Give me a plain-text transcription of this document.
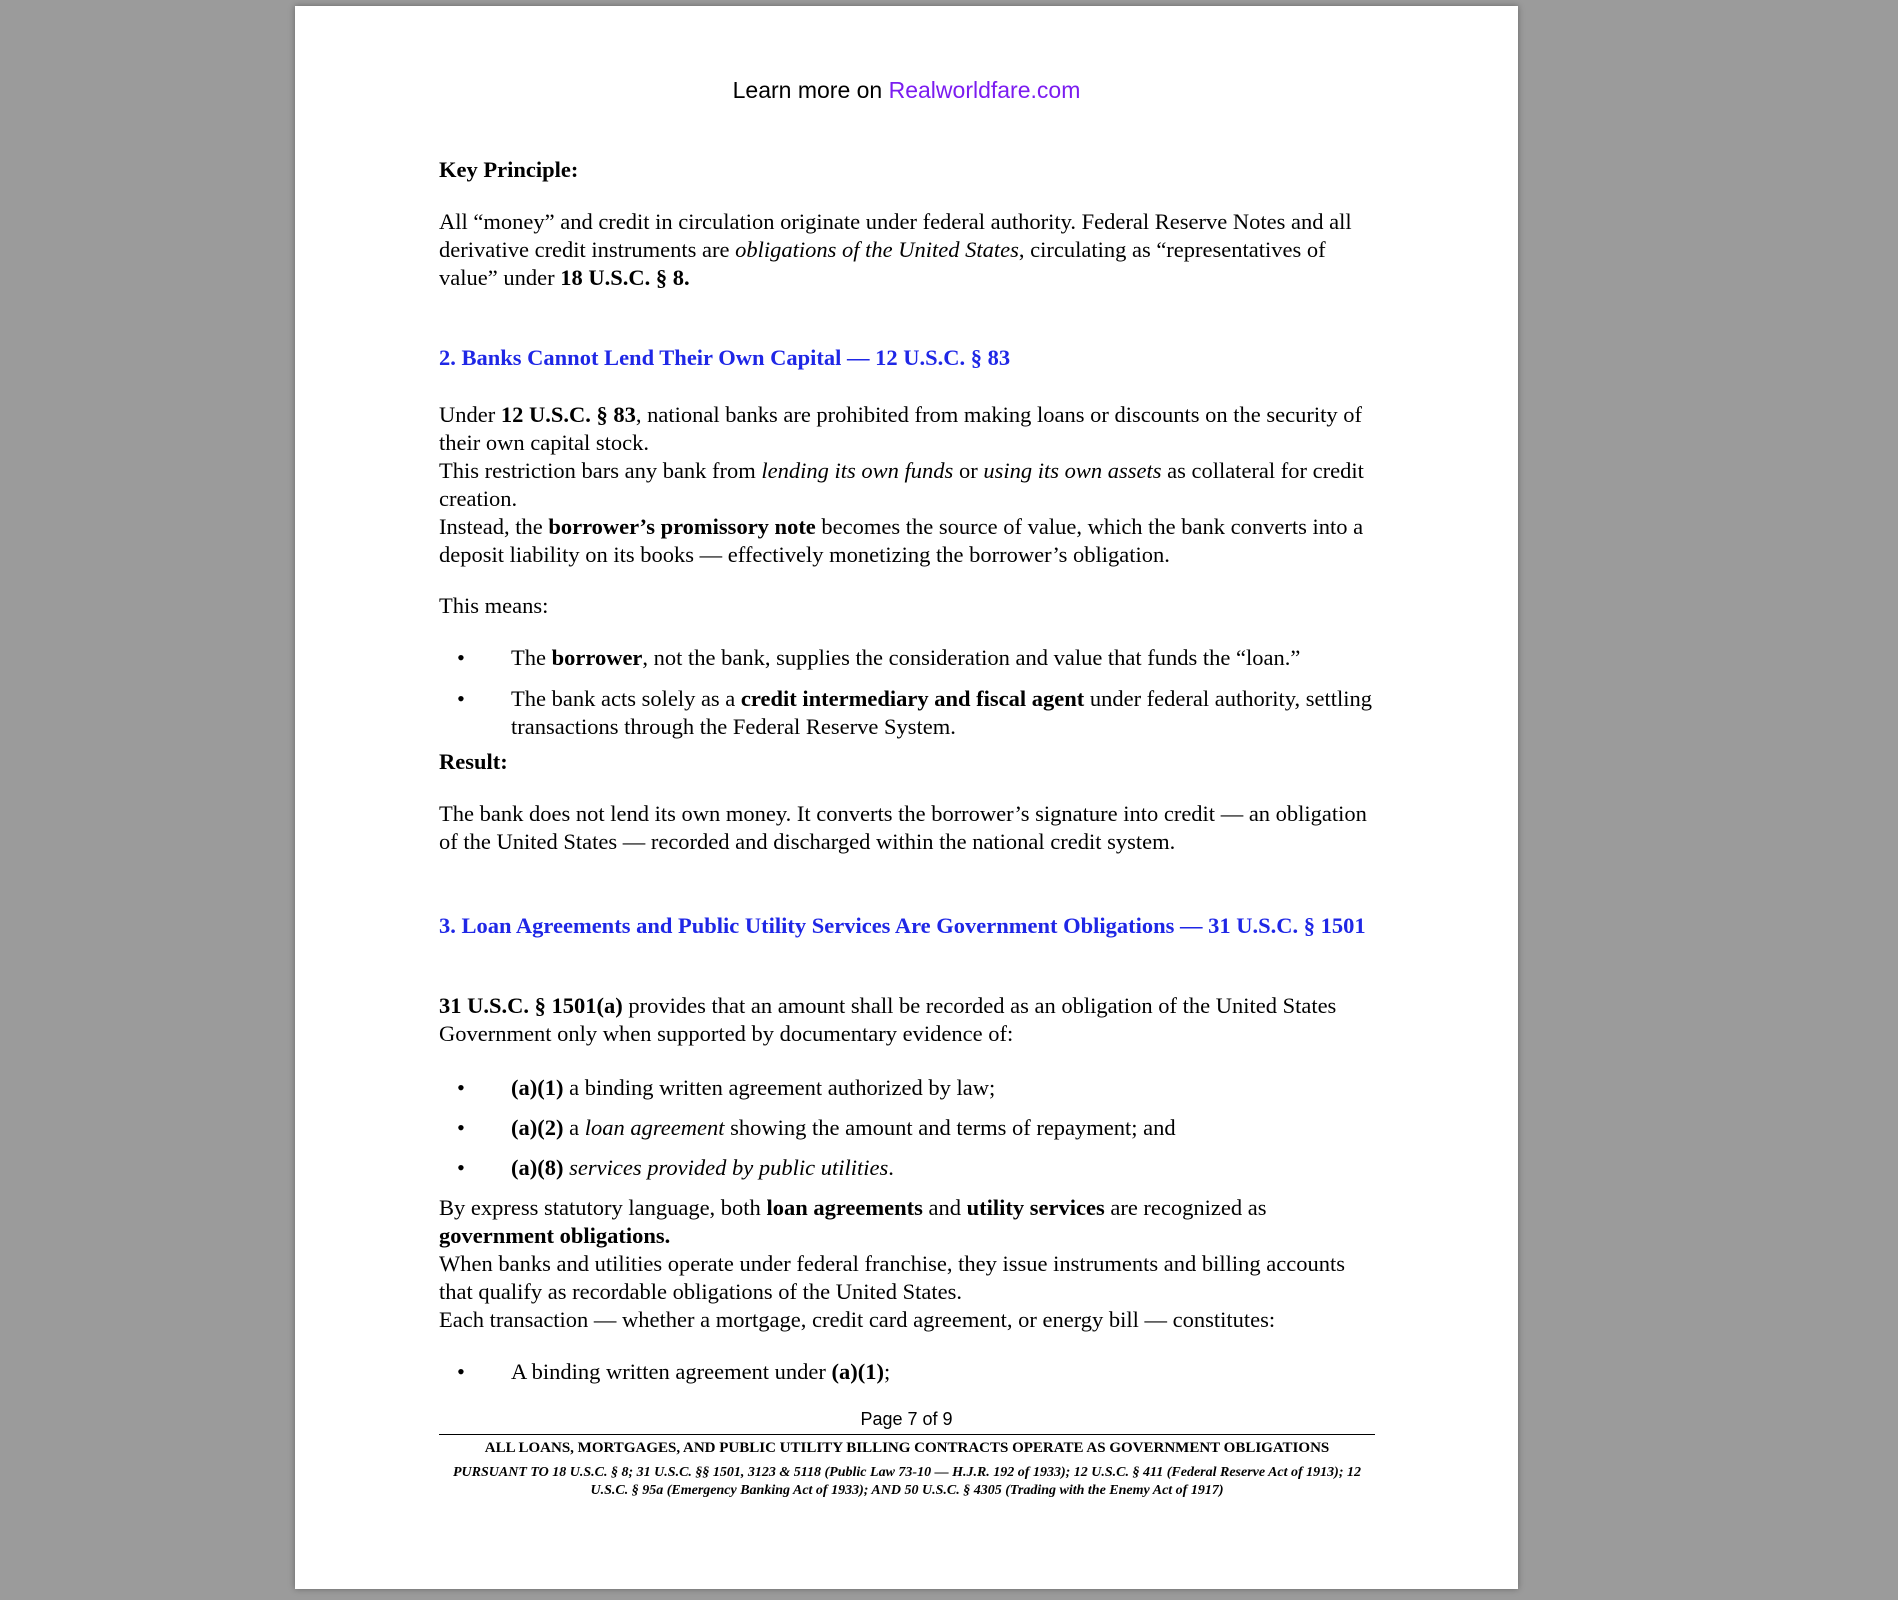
Learn more on Realworldfare.com

Key Principle:

All “money” and credit in circulation originate under federal authority. Federal Reserve Notes and all derivative credit instruments are obligations of the United States, circulating as “representatives of value” under 18 U.S.C. § 8.

2. Banks Cannot Lend Their Own Capital — 12 U.S.C. § 83

Under 12 U.S.C. § 83, national banks are prohibited from making loans or discounts on the security of their own capital stock.
This restriction bars any bank from lending its own funds or using its own assets as collateral for credit creation.
Instead, the borrower’s promissory note becomes the source of value, which the bank converts into a deposit liability on its books — effectively monetizing the borrower’s obligation.

This means:

• The borrower, not the bank, supplies the consideration and value that funds the “loan.”
• The bank acts solely as a credit intermediary and fiscal agent under federal authority, settling transactions through the Federal Reserve System.

Result:

The bank does not lend its own money. It converts the borrower’s signature into credit — an obligation of the United States — recorded and discharged within the national credit system.

3. Loan Agreements and Public Utility Services Are Government Obligations — 31 U.S.C. § 1501

31 U.S.C. § 1501(a) provides that an amount shall be recorded as an obligation of the United States Government only when supported by documentary evidence of:

• (a)(1) a binding written agreement authorized by law;
• (a)(2) a loan agreement showing the amount and terms of repayment; and
• (a)(8) services provided by public utilities.

By express statutory language, both loan agreements and utility services are recognized as government obligations.
When banks and utilities operate under federal franchise, they issue instruments and billing accounts that qualify as recordable obligations of the United States.
Each transaction — whether a mortgage, credit card agreement, or energy bill — constitutes:

• A binding written agreement under (a)(1);
Page 7 of 9
ALL LOANS, MORTGAGES, AND PUBLIC UTILITY BILLING CONTRACTS OPERATE AS GOVERNMENT OBLIGATIONS
PURSUANT TO 18 U.S.C. § 8; 31 U.S.C. §§ 1501, 3123 & 5118 (Public Law 73-10 — H.J.R. 192 of 1933); 12 U.S.C. § 411 (Federal Reserve Act of 1913); 12 U.S.C. § 95a (Emergency Banking Act of 1933); AND 50 U.S.C. § 4305 (Trading with the Enemy Act of 1917)
